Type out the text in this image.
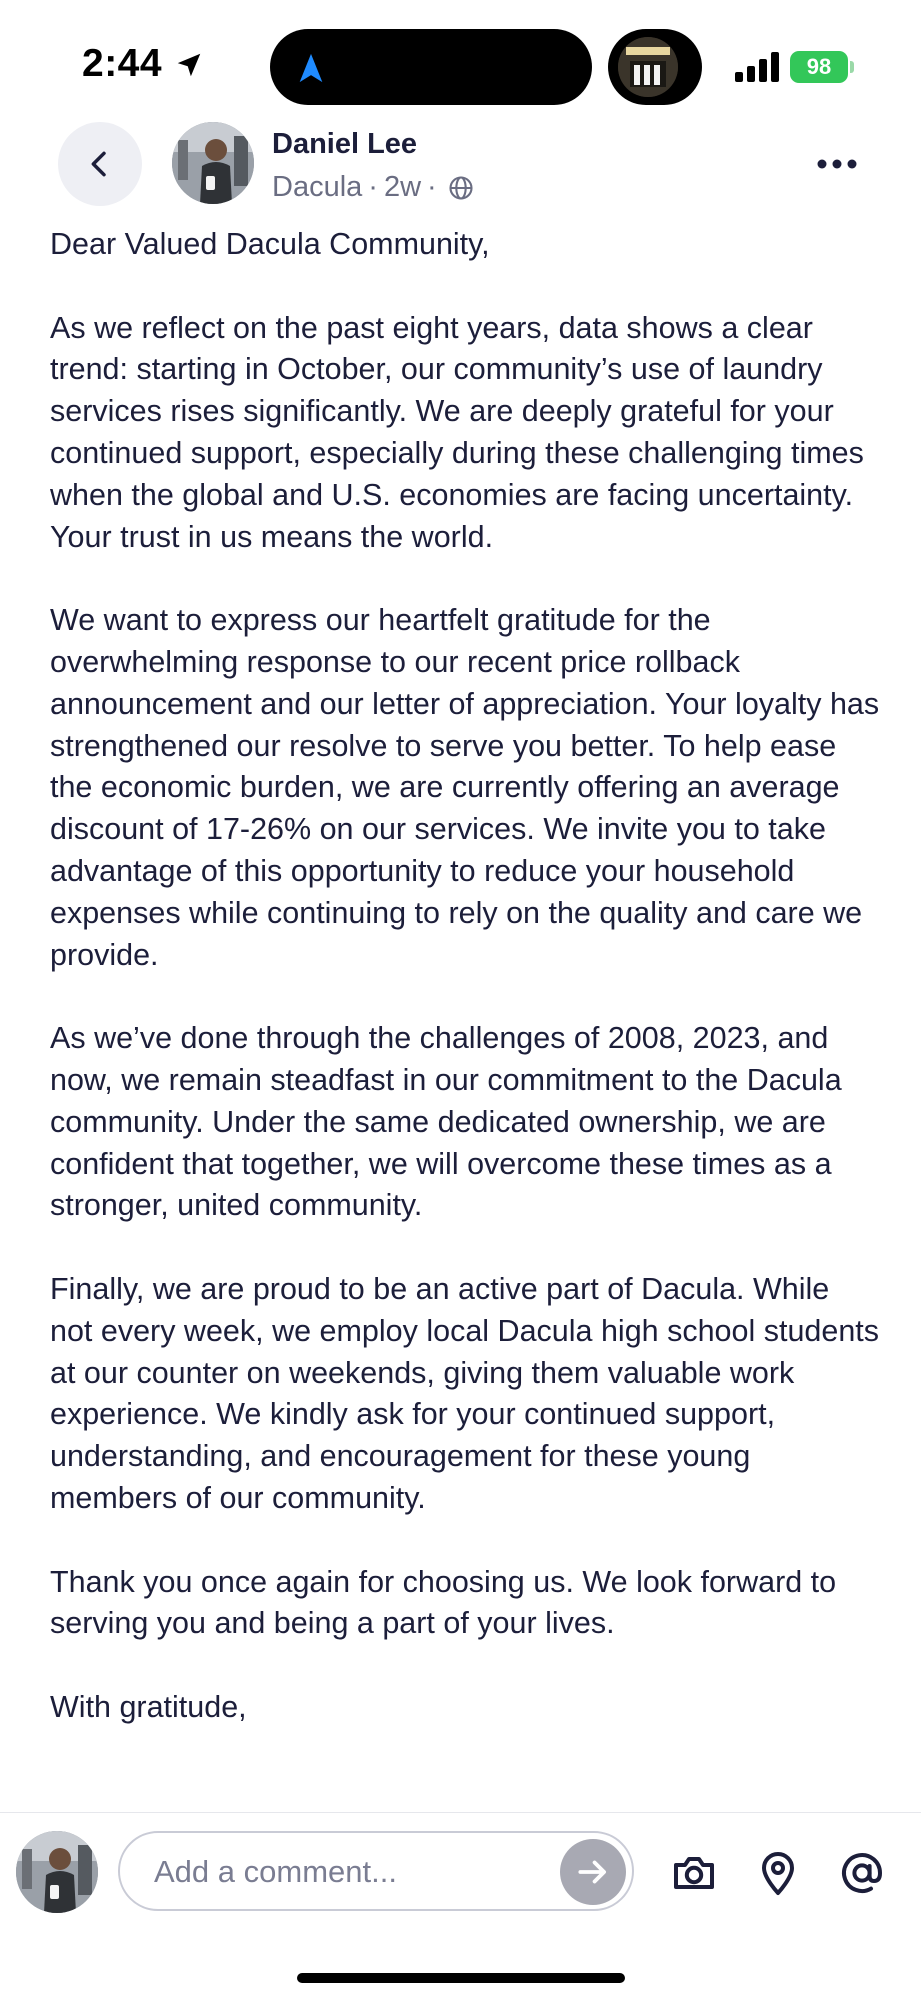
2:44	98
Daniel Lee
Dacula · 2w ·

Dear Valued Dacula Community,

As we reflect on the past eight years, data shows a clear trend: starting in October, our community’s use of laundry services rises significantly. We are deeply grateful for your continued support, especially during these challenging times when the global and U.S. economies are facing uncertainty. Your trust in us means the world.

We want to express our heartfelt gratitude for the overwhelming response to our recent price rollback announcement and our letter of appreciation. Your loyalty has strengthened our resolve to serve you better. To help ease the economic burden, we are currently offering an average discount of 17-26% on our services. We invite you to take advantage of this opportunity to reduce your household expenses while continuing to rely on the quality and care we provide.

As we’ve done through the challenges of 2008, 2023, and now, we remain steadfast in our commitment to the Dacula community. Under the same dedicated ownership, we are confident that together, we will overcome these times as a stronger, united community.

Finally, we are proud to be an active part of Dacula. While not every week, we employ local Dacula high school students at our counter on weekends, giving them valuable work experience. We kindly ask for your continued support, understanding, and encouragement for these young members of our community.

Thank you once again for choosing us. We look forward to serving you and being a part of your lives.

With gratitude,

Add a comment...
